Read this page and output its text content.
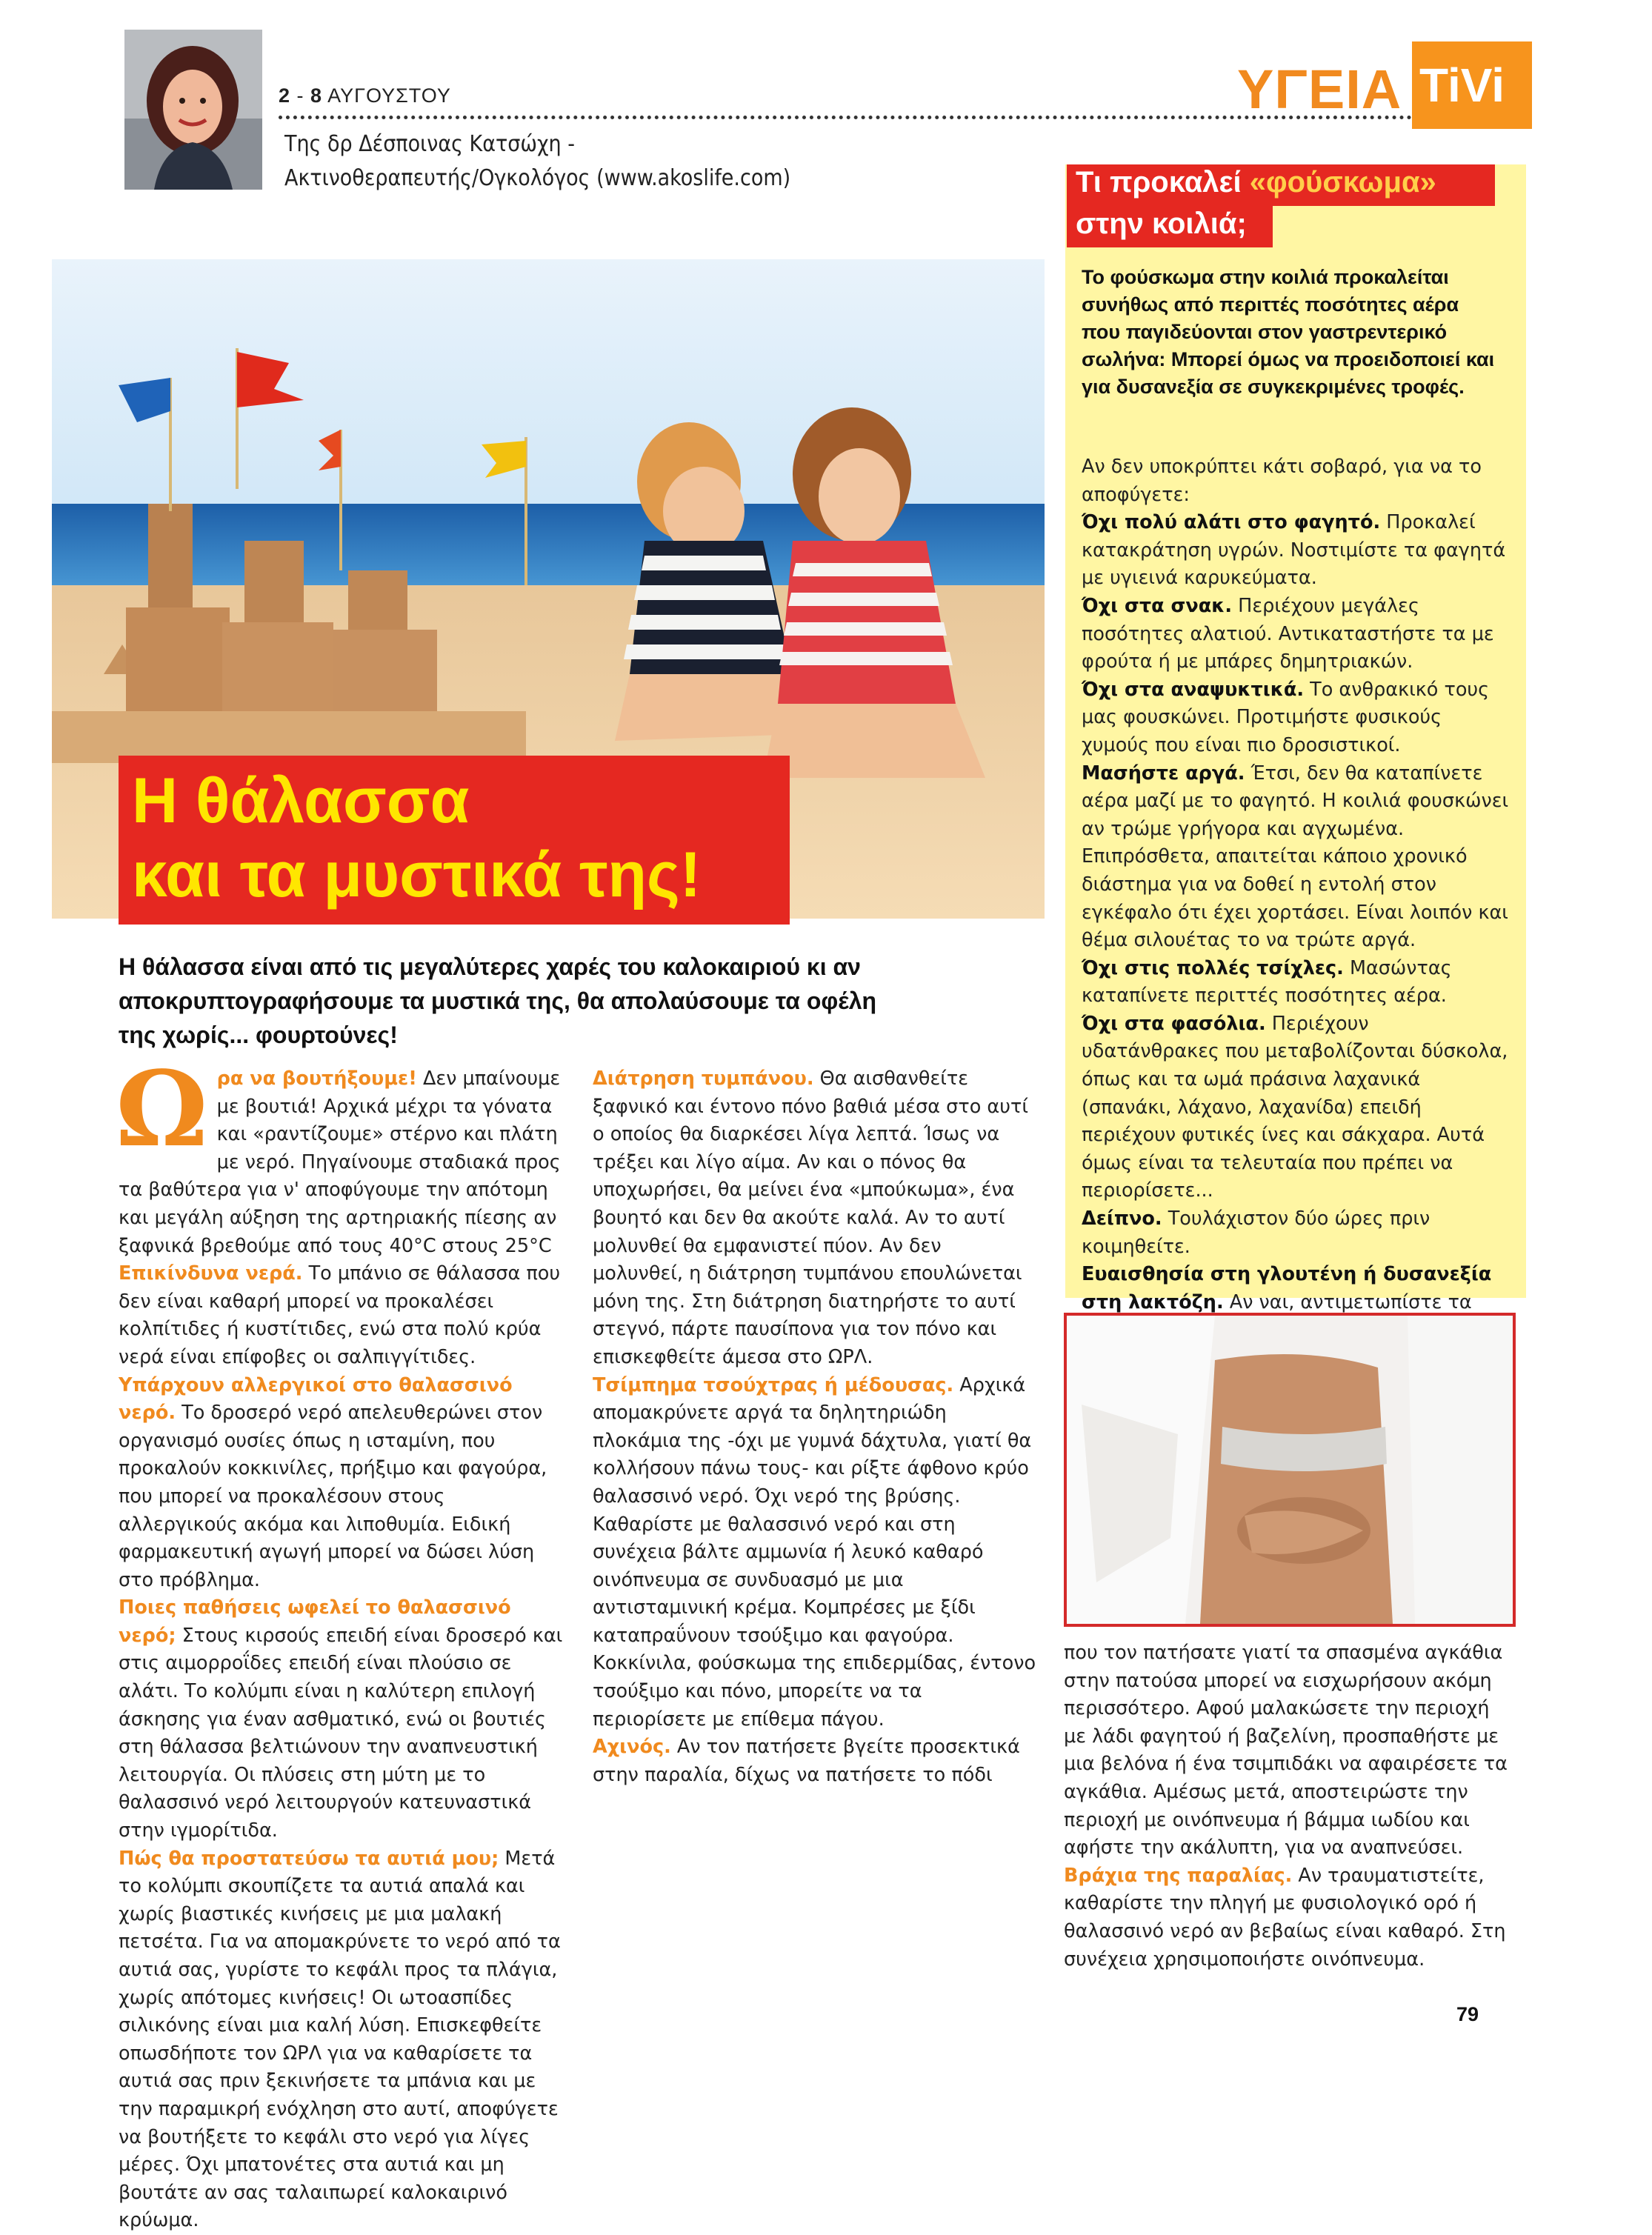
2 - 8 ΑΥΓΟΥΣΤΟΥ
Της δρ Δέσποινας Κατσώχη -
Ακτινοθεραπευτής/Ογκολόγος (www.akoslife.com)
ΥΓΕΙΑ TiVi
Η θάλασσα
και τα μυστικά της!
Η θάλασσα είναι από τις μεγαλύτερες χαρές του καλοκαιριού κι αν αποκρυπτογραφήσουμε τα μυστικά της, θα απολαύσουμε τα οφέλη της χωρίς... φουρτούνες!

Ωρα να βουτήξουμε! Δεν μπαίνουμε με βουτιά! Αρχικά μέχρι τα γόνατα και «ραντίζουμε» στέρνο και πλάτη με νερό. Πηγαίνουμε σταδιακά προς τα βαθύτερα για ν' αποφύγουμε την απότομη και μεγάλη αύξηση της αρτηριακής πίεσης αν ξαφνικά βρεθούμε από τους 40°C στους 25°C

Επικίνδυνα νερά. Το μπάνιο σε θάλασσα που δεν είναι καθαρή μπορεί να προκαλέσει κολπίτιδες ή κυστίτιδες, ενώ στα πολύ κρύα νερά είναι επίφοβες οι σαλπιγγίτιδες.

Υπάρχουν αλλεργικοί στο θαλασσινό νερό. Το δροσερό νερό απελευθερώνει στον οργανισμό ουσίες όπως η ισταμίνη, που προκαλούν κοκκινίλες, πρήξιμο και φαγούρα, που μπορεί να προκαλέσουν στους αλλεργικούς ακόμα και λιποθυμία. Ειδική φαρμακευτική αγωγή μπορεί να δώσει λύση στο πρόβλημα.

Ποιες παθήσεις ωφελεί το θαλασσινό νερό; Στους κιρσούς επειδή είναι δροσερό και στις αιμορροΐδες επειδή είναι πλούσιο σε αλάτι. Το κολύμπι είναι η καλύτερη επιλογή άσκησης για έναν ασθματικό, ενώ οι βουτιές στη θάλασσα βελτιώνουν την αναπνευστική λειτουργία. Οι πλύσεις στη μύτη με το θαλασσινό νερό λειτουργούν κατευναστικά στην ιγμορίτιδα.

Πώς θα προστατεύσω τα αυτιά μου; Μετά το κολύμπι σκουπίζετε τα αυτιά απαλά και χωρίς βιαστικές κινήσεις με μια μαλακή πετσέτα. Για να απομακρύνετε το νερό από τα αυτιά σας, γυρίστε το κεφάλι προς τα πλάγια, χωρίς απότομες κινήσεις! Οι ωτοασπίδες σιλικόνης είναι μια καλή λύση. Επισκεφθείτε οπωσδήποτε τον ΩΡΛ για να καθαρίσετε τα αυτιά σας πριν ξεκινήσετε τα μπάνια και με την παραμικρή ενόχληση στο αυτί, αποφύγετε να βουτήξετε το κεφάλι στο νερό για λίγες μέρες. Όχι μπατονέτες στα αυτιά και μη βουτάτε αν σας ταλαιπωρεί καλοκαιρινό κρύωμα.

Διάτρηση τυμπάνου. Θα αισθανθείτε ξαφνικό και έντονο πόνο βαθιά μέσα στο αυτί ο οποίος θα διαρκέσει λίγα λεπτά. Ίσως να τρέξει και λίγο αίμα. Αν και ο πόνος θα υποχωρήσει, θα μείνει ένα «μπούκωμα», ένα βουητό και δεν θα ακούτε καλά. Αν το αυτί μολυνθεί θα εμφανιστεί πύον. Αν δεν μολυνθεί, η διάτρηση τυμπάνου επουλώνεται μόνη της. Στη διάτρηση διατηρήστε το αυτί στεγνό, πάρτε παυσίπονα για τον πόνο και επισκεφθείτε άμεσα στο ΩΡΛ.

Τσίμπημα τσούχτρας ή μέδουσας. Αρχικά απομακρύνετε αργά τα δηλητηριώδη πλοκάμια της -όχι με γυμνά δάχτυλα, γιατί θα κολλήσουν πάνω τους- και ρίξτε άφθονο κρύο θαλασσινό νερό. Όχι νερό της βρύσης. Καθαρίστε με θαλασσινό νερό και στη συνέχεια βάλτε αμμωνία ή λευκό καθαρό οινόπνευμα σε συνδυασμό με μια αντισταμινική κρέμα. Κομπρέσες με ξίδι καταπραΰνουν τσούξιμο και φαγούρα. Κοκκίνιλα, φούσκωμα της επιδερμίδας, έντονο τσούξιμο και πόνο, μπορείτε να τα περιορίσετε με επίθεμα πάγου.

Αχινός. Αν τον πατήσετε βγείτε προσεκτικά στην παραλία, δίχως να πατήσετε το πόδι

Τι προκαλεί «φούσκωμα»
στην κοιλιά;
Το φούσκωμα στην κοιλιά προκαλείται συνήθως από περιττές ποσότητες αέρα που παγιδεύονται στον γαστρεντερικό σωλήνα: Μπορεί όμως να προειδοποιεί και για δυσανεξία σε συγκεκριμένες τροφές.

Αν δεν υποκρύπτει κάτι σοβαρό, για να το αποφύγετε:

Όχι πολύ αλάτι στο φαγητό. Προκαλεί κατακράτηση υγρών. Νοστιμίστε τα φαγητά με υγιεινά καρυκεύματα.

Όχι στα σνακ. Περιέχουν μεγάλες ποσότητες αλατιού. Αντικαταστήστε τα με φρούτα ή με μπάρες δημητριακών.

Όχι στα αναψυκτικά. Το ανθρακικό τους μας φουσκώνει. Προτιμήστε φυσικούς χυμούς που είναι πιο δροσιστικοί.

Μασήστε αργά. Έτσι, δεν θα καταπίνετε αέρα μαζί με το φαγητό. Η κοιλιά φουσκώνει αν τρώμε γρήγορα και αγχωμένα. Επιπρόσθετα, απαιτείται κάποιο χρονικό διάστημα για να δοθεί η εντολή στον εγκέφαλο ότι έχει χορτάσει. Είναι λοιπόν και θέμα σιλουέτας το να τρώτε αργά.

Όχι στις πολλές τσίχλες. Μασώντας καταπίνετε περιττές ποσότητες αέρα.

Όχι στα φασόλια. Περιέχουν υδατάνθρακες που μεταβολίζονται δύσκολα, όπως και τα ωμά πράσινα λαχανικά (σπανάκι, λάχανο, λαχανίδα) επειδή περιέχουν φυτικές ίνες και σάκχαρα. Αυτά όμως είναι τα τελευταία που πρέπει να περιορίσετε...

Δείπνο. Τουλάχιστον δύο ώρες πριν κοιμηθείτε.

Ευαισθησία στη γλουτένη ή δυσανεξία στη λακτόζη. Αν ναι, αντιμετωπίστε τα

που τον πατήσατε γιατί τα σπασμένα αγκάθια στην πατούσα μπορεί να εισχωρήσουν ακόμη περισσότερο. Αφού μαλακώσετε την περιοχή με λάδι φαγητού ή βαζελίνη, προσπαθήστε με μια βελόνα ή ένα τσιμπιδάκι να αφαιρέσετε τα αγκάθια. Αμέσως μετά, αποστειρώστε την περιοχή με οινόπνευμα ή βάμμα ιωδίου και αφήστε την ακάλυπτη, για να αναπνεύσει.

Βράχια της παραλίας. Αν τραυματιστείτε, καθαρίστε την πληγή με φυσιολογικό ορό ή θαλασσινό νερό αν βεβαίως είναι καθαρό. Στη συνέχεια χρησιμοποιήστε οινόπνευμα.

79
